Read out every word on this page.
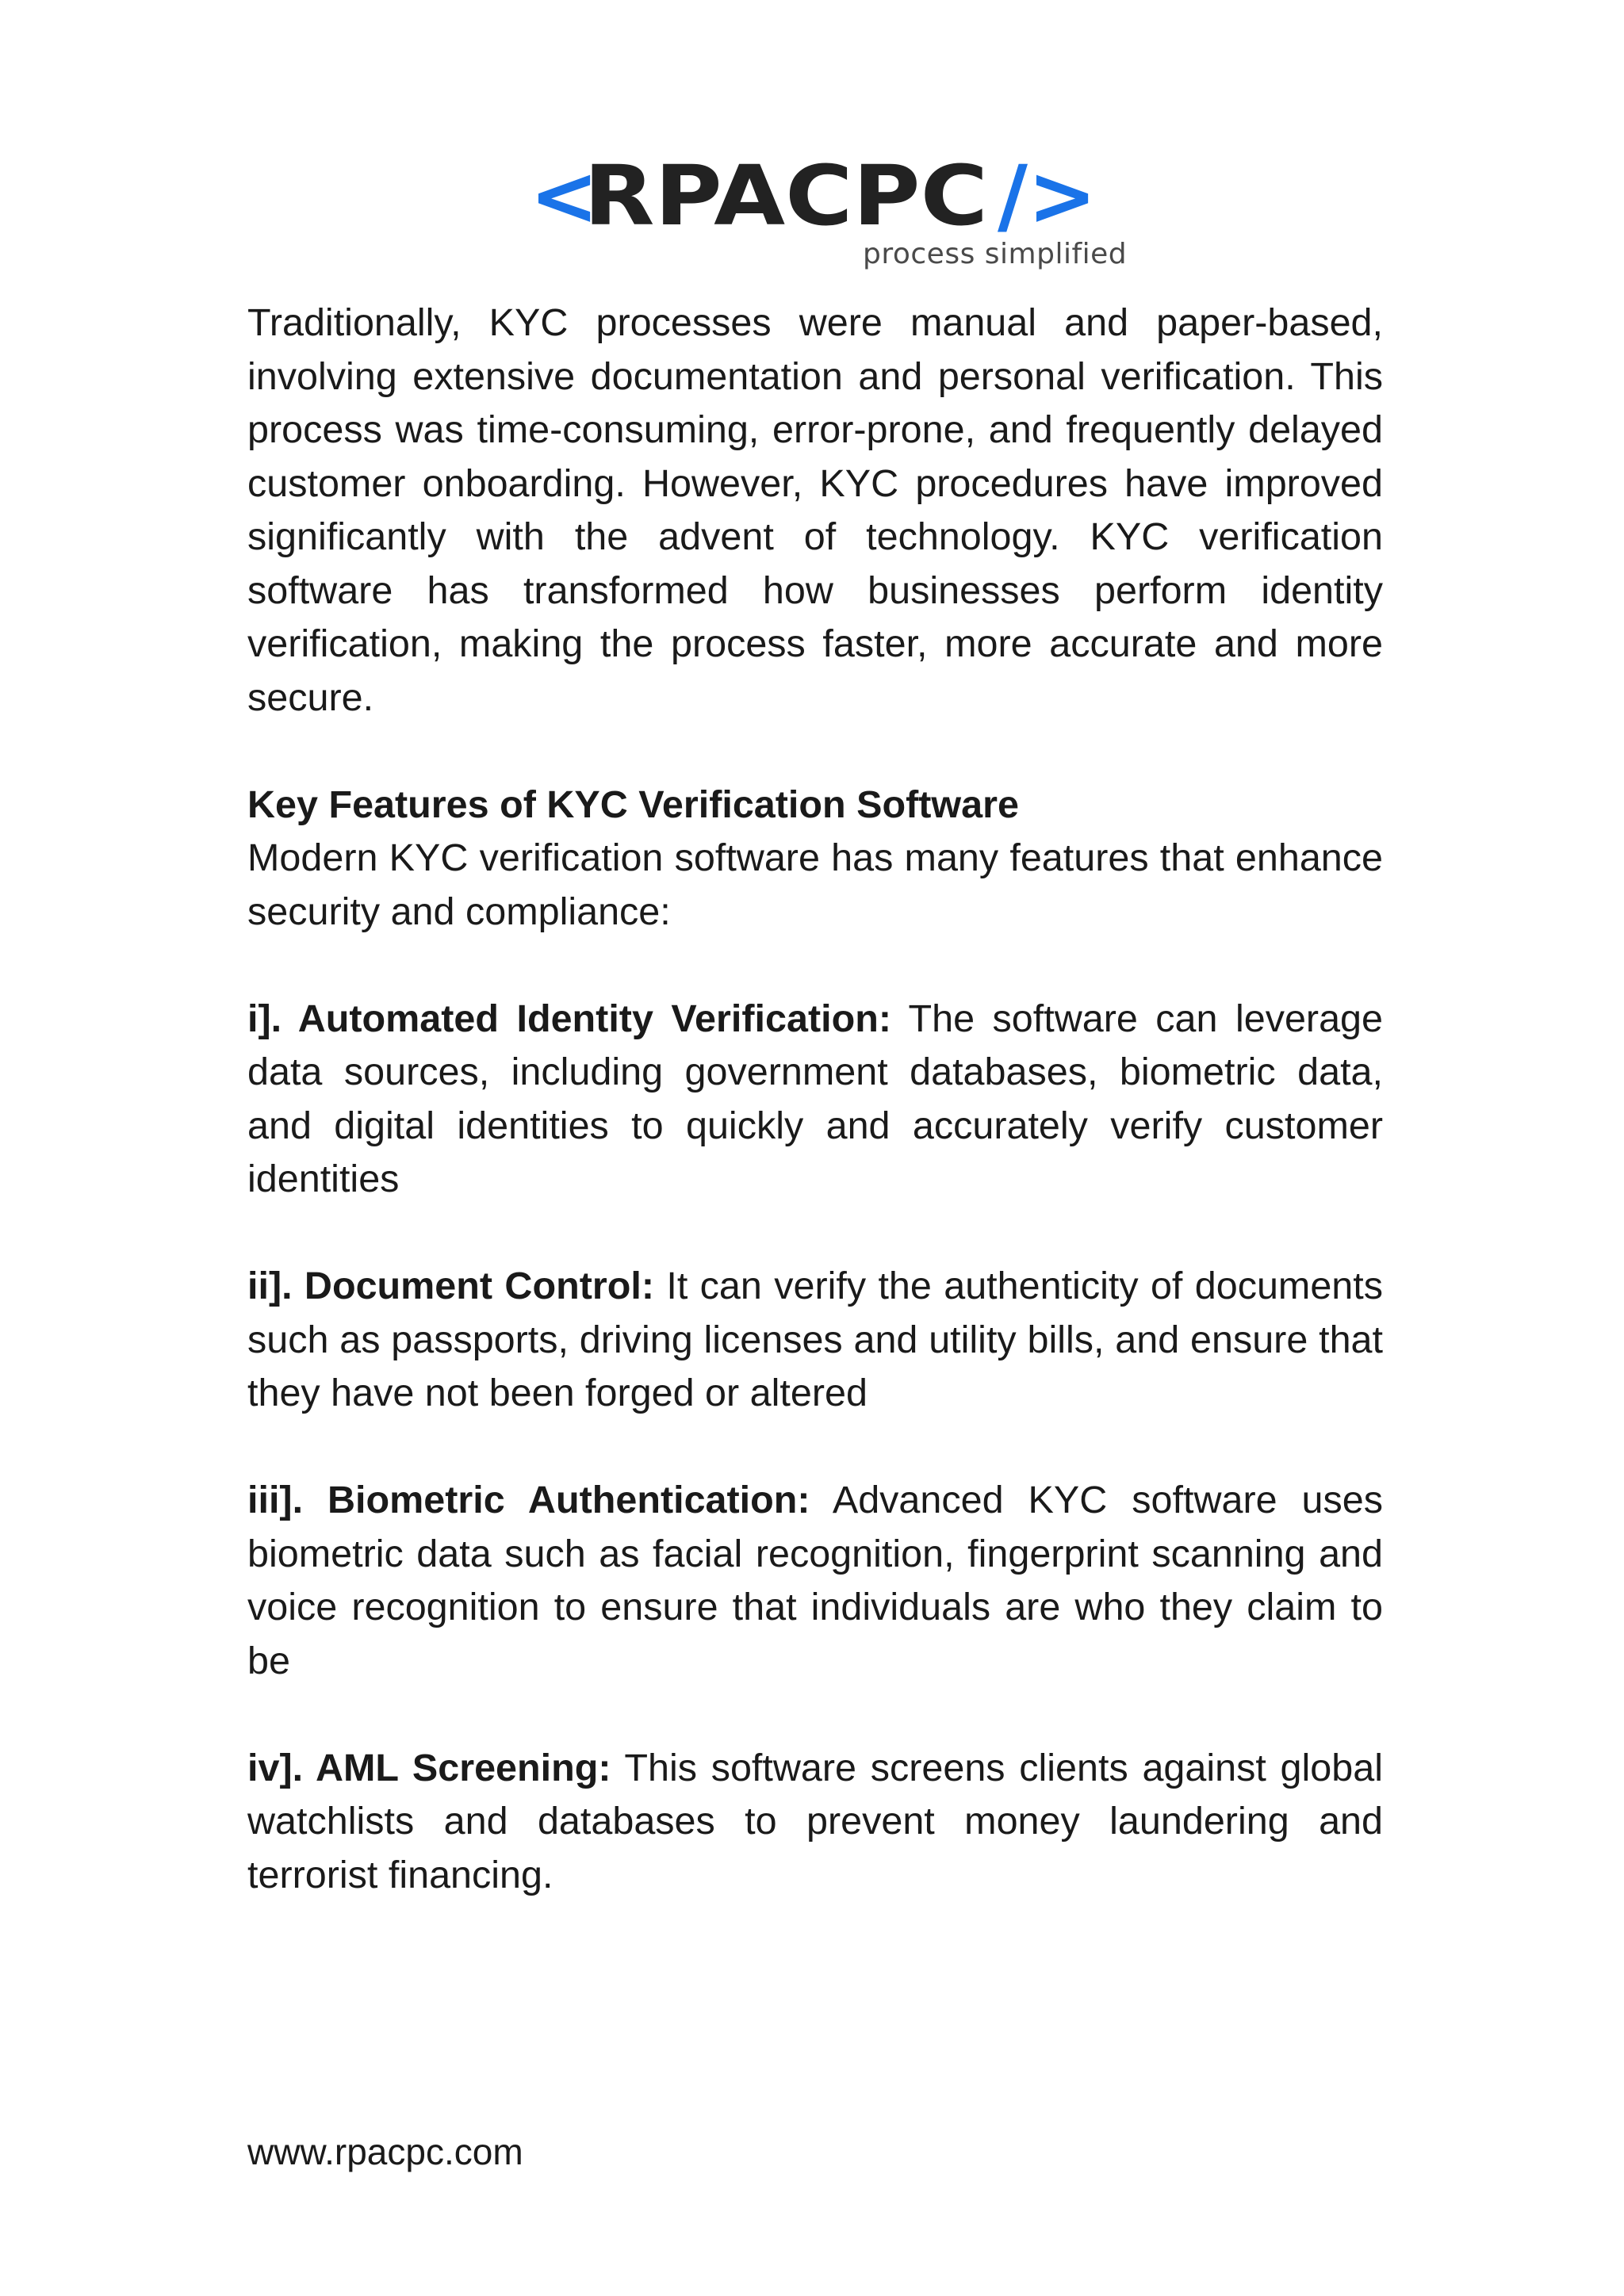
<
RPACPC />
process simplified

Traditionally, KYC processes were manual and paper-based, involving extensive documentation and personal verification. This process was time-consuming, error-prone, and frequently delayed customer onboarding. However, KYC procedures have improved significantly with the advent of technology. KYC verification software has transformed how businesses perform identity verification, making the process faster, more accurate and more secure.

Key Features of KYC Verification Software

Modern KYC verification software has many features that enhance security and compliance:

i]. Automated Identity Verification: The software can leverage data sources, including government databases, biometric data, and digital identities to quickly and accurately verify customer identities

ii]. Document Control: It can verify the authenticity of documents such as passports, driving licenses and utility bills, and ensure that they have not been forged or altered

iii]. Biometric Authentication: Advanced KYC software uses biometric data such as facial recognition, fingerprint scanning and voice recognition to ensure that individuals are who they claim to be

iv]. AML Screening: This software screens clients against global watchlists and databases to prevent money laundering and terrorist financing.

www.rpacpc.com
